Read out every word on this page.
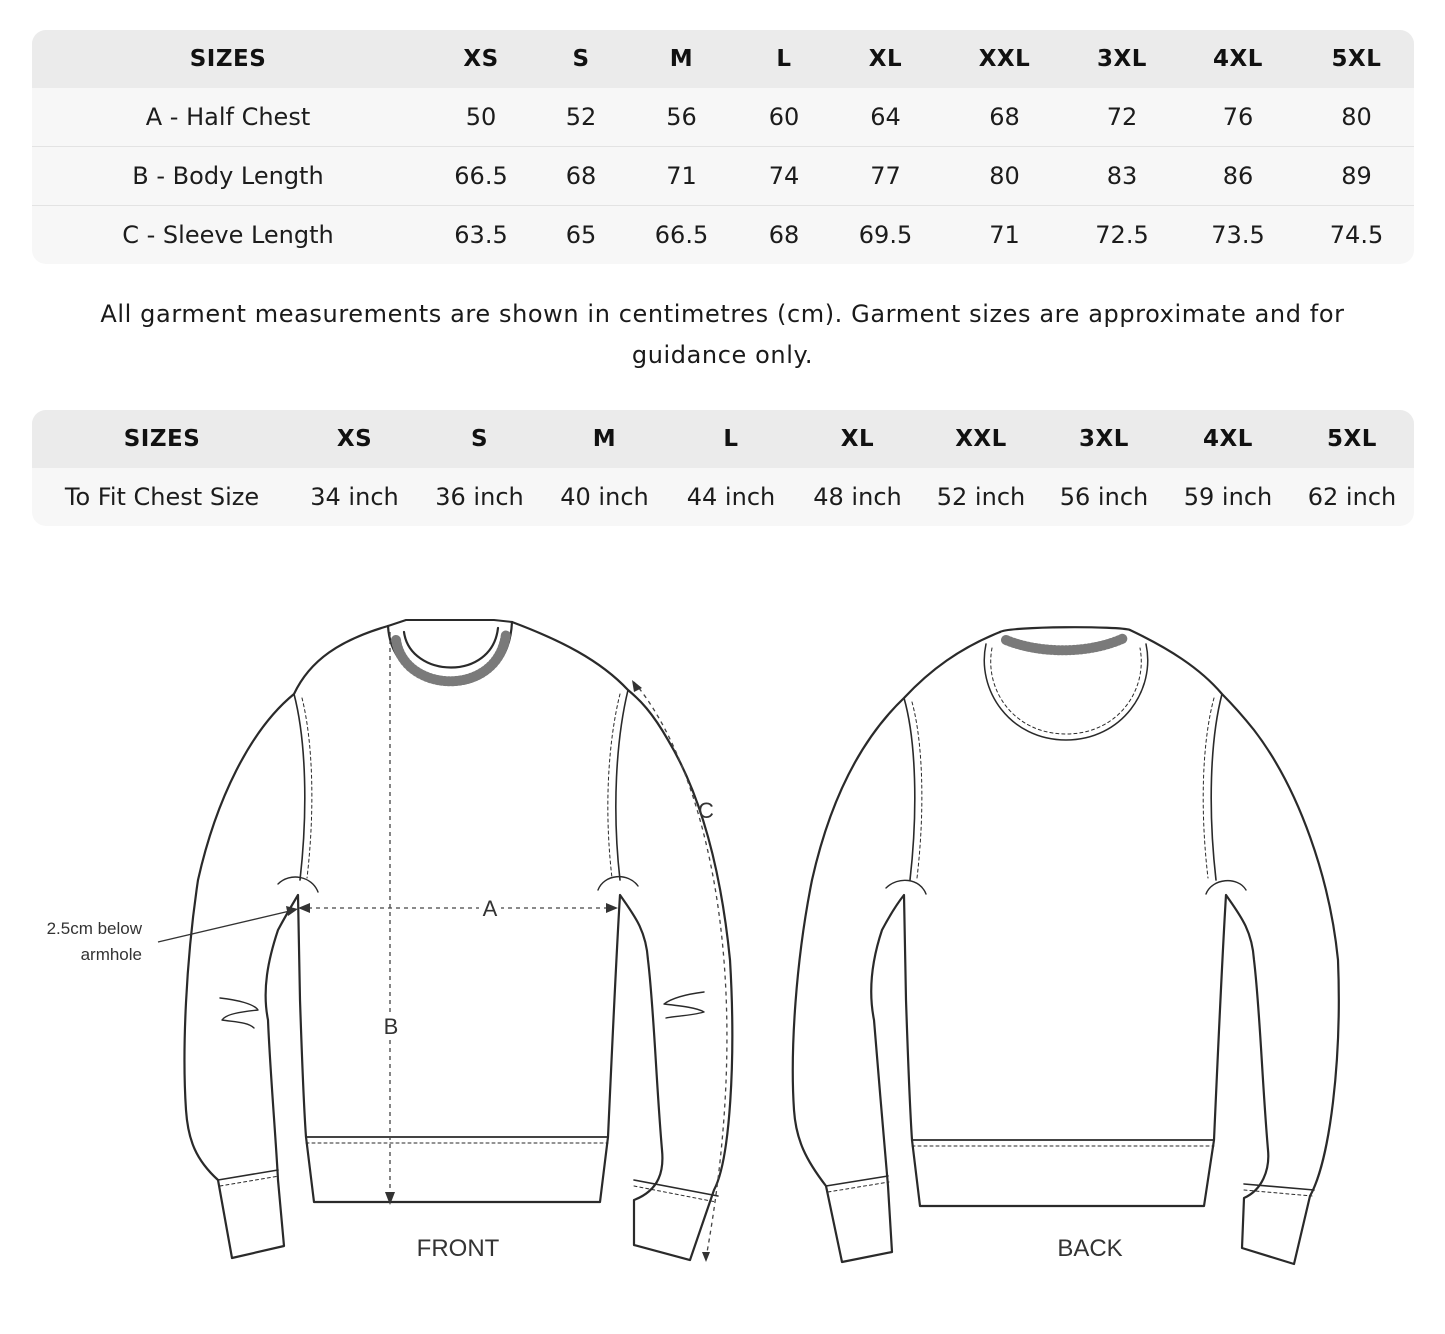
SIZES	XS	S	M	L	XL	XXL	3XL	4XL	5XL
A - Half Chest	50	52	56	60	64	68	72	76	80
B - Body Length	66.5	68	71	74	77	80	83	86	89
C - Sleeve Length	63.5	65	66.5	68	69.5	71	72.5	73.5	74.5

All garment measurements are shown in centimetres (cm). Garment sizes are approximate and for guidance only.

SIZES	XS	S	M	L	XL	XXL	3XL	4XL	5XL
To Fit Chest Size	34 inch	36 inch	40 inch	44 inch	48 inch	52 inch	56 inch	59 inch	62 inch
A
B
C
2.5cm below
armhole
FRONT	BACK
